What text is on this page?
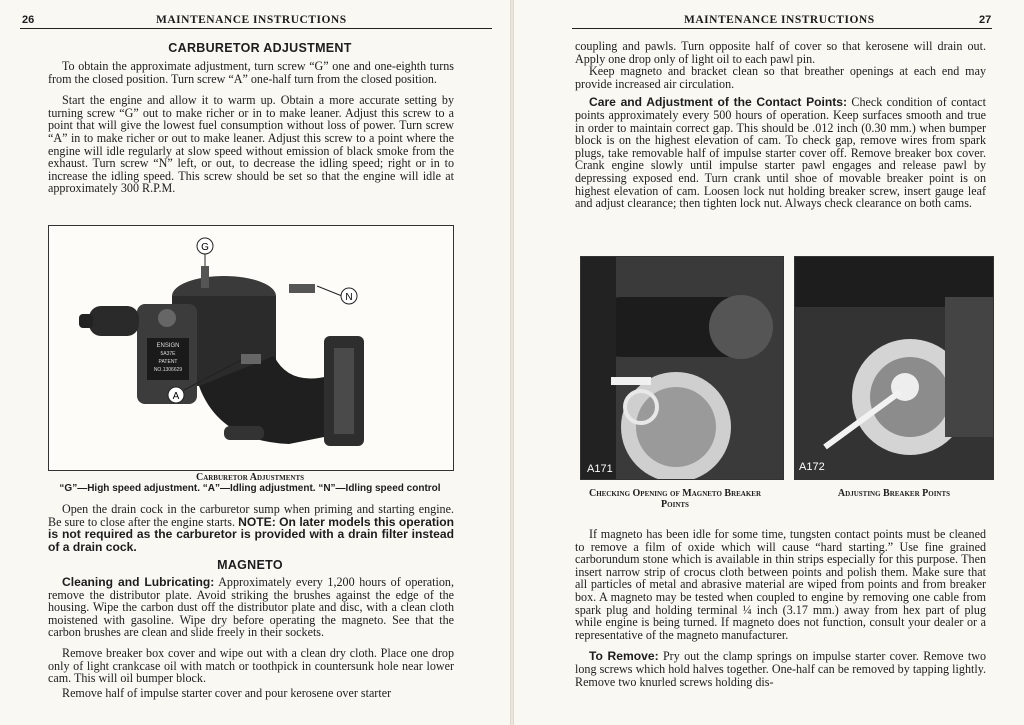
26	MAINTENANCE INSTRUCTIONS
CARBURETOR ADJUSTMENT

To obtain the approximate adjustment, turn screw “G” one and one-eighth turns from the closed position. Turn screw “A” one-half turn from the closed position.

Start the engine and allow it to warm up. Obtain a more accurate setting by turning screw “G” out to make richer or in to make leaner. Adjust this screw to a point that will give the lowest fuel consumption without loss of power. Turn screw “A” in to make richer or out to make leaner. Adjust this screw to a point where the engine will idle regularly at slow speed without emission of black smoke from the exhaust. Turn screw “N” left, or out, to decrease the idling speed; right or in to increase the idling speed. This screw should be set so that the engine will idle at approximately 300 R.P.M.

G
N
A
ENSIGN
5A37E
PATENT
NO.1306629
Carburetor Adjustments
“G”—High speed adjustment. “A”—Idling adjustment. “N”—Idling speed control

Open the drain cock in the carburetor sump when priming and starting engine. Be sure to close after the engine starts. NOTE: On later models this operation is not required as the carburetor is provided with a drain filter instead of a drain cock.

MAGNETO

Cleaning and Lubricating: Approximately every 1,200 hours of operation, remove the distributor plate. Avoid striking the brushes against the edge of the housing. Wipe the carbon dust off the distributor plate and disc, with a clean cloth moistened with gasoline. Wipe dry before operating the magneto. See that the carbon brushes are clean and slide freely in their sockets.

Remove breaker box cover and wipe out with a clean dry cloth. Place one drop only of light crankcase oil with match or toothpick in countersunk hole near lower cam. This will oil bumper block.

Remove half of impulse starter cover and pour kerosene over starter

MAINTENANCE INSTRUCTIONS	27

coupling and pawls. Turn opposite half of cover so that kerosene will drain out. Apply one drop only of light oil to each pawl pin.

Keep magneto and bracket clean so that breather openings at each end may provide increased air circulation.

Care and Adjustment of the Contact Points: Check condition of contact points approximately every 500 hours of operation. Keep surfaces smooth and true in order to maintain correct gap. This should be .012 inch (0.30 mm.) when bumper block is on the highest elevation of cam. To check gap, remove wires from spark plugs, take removable half of impulse starter cover off. Remove breaker box cover. Crank engine slowly until impulse starter pawl engages and release pawl by depressing exposed end. Turn crank until shoe of movable breaker point is on highest elevation of cam. Loosen lock nut holding breaker screw, insert gauge leaf and adjust clearance; then tighten lock nut. Always check clearance on both cams.

A171	A172
Checking Opening of Magneto Breaker Points
Adjusting Breaker Points

If magneto has been idle for some time, tungsten contact points must be cleaned to remove a film of oxide which will cause “hard starting.” Use fine grained carborundum stone which is available in thin strips especially for this purpose. Then insert narrow strip of crocus cloth between points and polish them. Make sure that all particles of metal and abrasive material are wiped from points and from breaker box. A magneto may be tested when coupled to engine by removing one cable from spark plug and holding terminal ¼ inch (3.17 mm.) away from hex part of plug while engine is being turned. If magneto does not function, consult your dealer or a representative of the magneto manufacturer.

To Remove: Pry out the clamp springs on impulse starter cover. Remove two long screws which hold halves together. One-half can be removed by tapping lightly. Remove two knurled screws holding dis-
